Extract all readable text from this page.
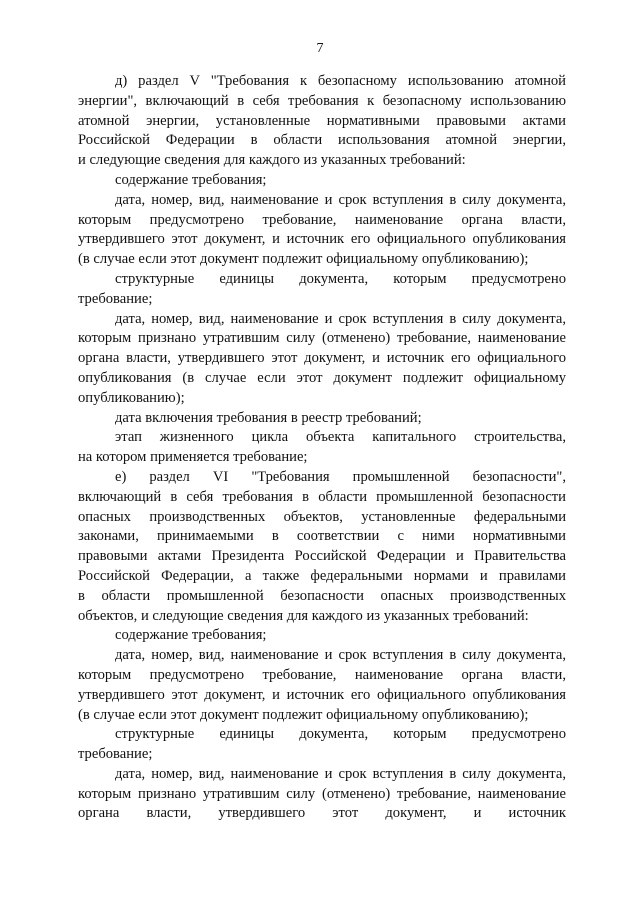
7
д) раздел V "Требования к безопасному использованию атомной
энергии", включающий в себя требования к безопасному использованию
атомной энергии, установленные нормативными правовыми актами
Российской Федерации в области использования атомной энергии,
и следующие сведения для каждого из указанных требований:
содержание требования;
дата, номер, вид, наименование и срок вступления в силу документа,
которым предусмотрено требование, наименование органа власти,
утвердившего этот документ, и источник его официального опубликования
(в случае если этот документ подлежит официальному опубликованию);
структурные единицы документа, которым предусмотрено
требование;
дата, номер, вид, наименование и срок вступления в силу документа,
которым признано утратившим силу (отменено) требование, наименование
органа власти, утвердившего этот документ, и источник его официального
опубликования (в случае если этот документ подлежит официальному
опубликованию);
дата включения требования в реестр требований;
этап жизненного цикла объекта капитального строительства,
на котором применяется требование;
е) раздел VI "Требования промышленной безопасности",
включающий в себя требования в области промышленной безопасности
опасных производственных объектов, установленные федеральными
законами, принимаемыми в соответствии с ними нормативными
правовыми актами Президента Российской Федерации и Правительства
Российской Федерации, а также федеральными нормами и правилами
в области промышленной безопасности опасных производственных
объектов, и следующие сведения для каждого из указанных требований:
содержание требования;
дата, номер, вид, наименование и срок вступления в силу документа,
которым предусмотрено требование, наименование органа власти,
утвердившего этот документ, и источник его официального опубликования
(в случае если этот документ подлежит официальному опубликованию);
структурные единицы документа, которым предусмотрено
требование;
дата, номер, вид, наименование и срок вступления в силу документа,
которым признано утратившим силу (отменено) требование, наименование
органа власти, утвердившего этот документ, и источник
